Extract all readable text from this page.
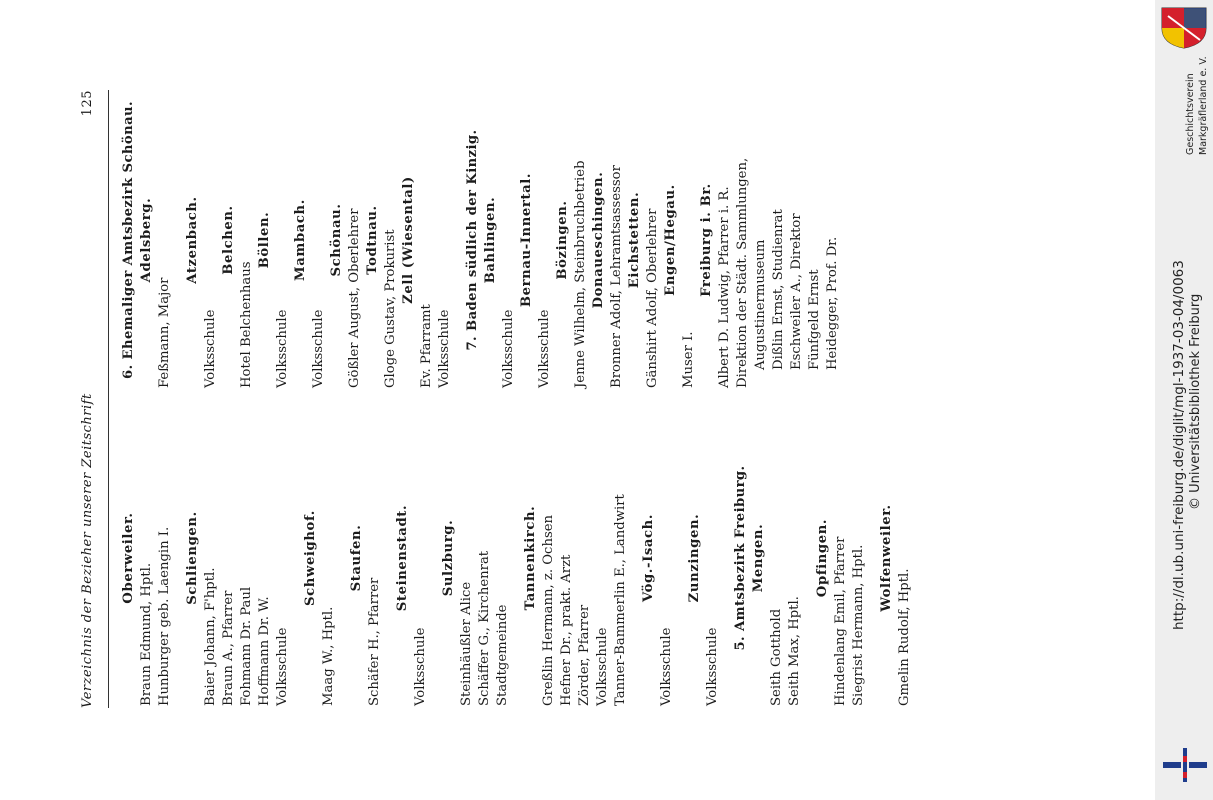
Verzeichnis der Bezieher unserer Zeitschrift
125
Oberweiler.
Braun Edmund, Hptl. Hunburger geb. Laengin I. Schliengen.
Baier Johann, F'hptl. Braun A., Pfarrer Fohmann Dr. Paul Hoffmann Dr. W. Volksschule
Schweighof.
Maag W., Hptl.
Staufen.
Schäfer H., Pfarrer
Steinenstadt.
Volksschule
Sulzburg.
Steinhäußler Alice Schäffer G., Kirchenrat Stadtgemeinde
Tannenkirch. Greßlin Hermann, z. Ochsen Hefner Dr., prakt. Arzt Zörder, Pfarrer Volksschule Tanner-Bammerlin E., Landwirt Vög.-Isach.
Volksschule
Zunzingen.
Volksschule
5. Amtsbezirk Freiburg. Mengen.
Seith Gotthold Seith Max, Hptl.
Opfingen. Hindenlang Emil, Pfarrer Siegrist Hermann, Hptl. Wolfenweiler.
Gmelin Rudolf, Hptl.
6. Ehemaliger Amtsbezirk Schönau. Adelsberg.
Feßmann, Major
Atzenbach.
Volksschule
Belchen.
Hotel Belchenhaus
Böllen.
Volksschule
Mambach.
Volksschule
Schönau. Gößler August, Oberlehrer Todtnau. Gloge Gustav, Prokurist Zell (Wiesental)
Ev. Pfarramt Volksschule 7. Baden südlich der Kinzig. Bahlingen.
Volksschule
Bernau-Innertal.
Volksschule
Bözingen. Jenne Wilhelm, Steinbruchbetrieb Donaueschingen. Bronner Adolf, Lehramtsassessor Eichstetten. Gänshirt Adolf, Oberlehrer Engen/Hegau.
Muser I.
Freiburg i. Br. Albert D. Ludwig, Pfarrer i. R. Direktion der Städt. Sammlungen, Augustinermuseum Dißlin Ernst, Studienrat Eschweiler A., Direktor Fünfgeld Ernst Heidegger, Prof. Dr.	http://dl.ub.uni-freiburg.de/diglit/mgl-1937-03-04/0063 © Universitätsbibliothek Freiburg
Geschichtsverein Markgräflerland e. V.
